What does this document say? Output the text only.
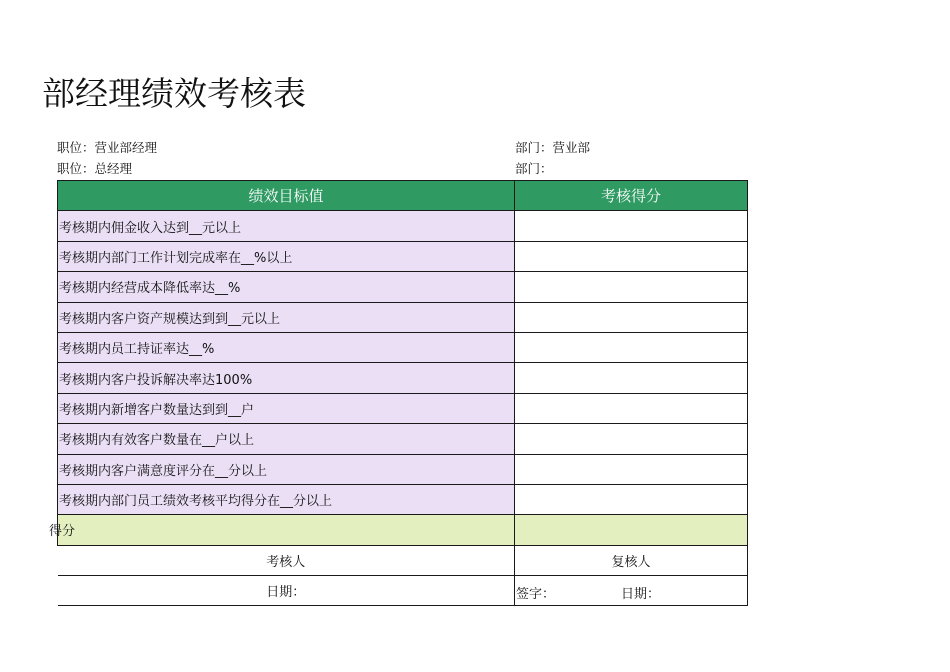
部经理绩效考核表
职位：营业部经理	部门：营业部
职位：总经理	部门：
绩效目标值	考核得分
考核期内佣金收入达到__元以上	
考核期内部门工作计划完成率在__%以上	
考核期内经营成本降低率达__%	
考核期内客户资产规模达到到__元以上	
考核期内员工持证率达__%	
考核期内客户投诉解决率达100%	
考核期内新增客户数量达到到__户	
考核期内有效客户数量在__户以上	
考核期内客户满意度评分在__分以上	
考核期内部门员工绩效考核平均得分在__分以上	
得分	
考核人	复核人
日期：	签字： 日期：
